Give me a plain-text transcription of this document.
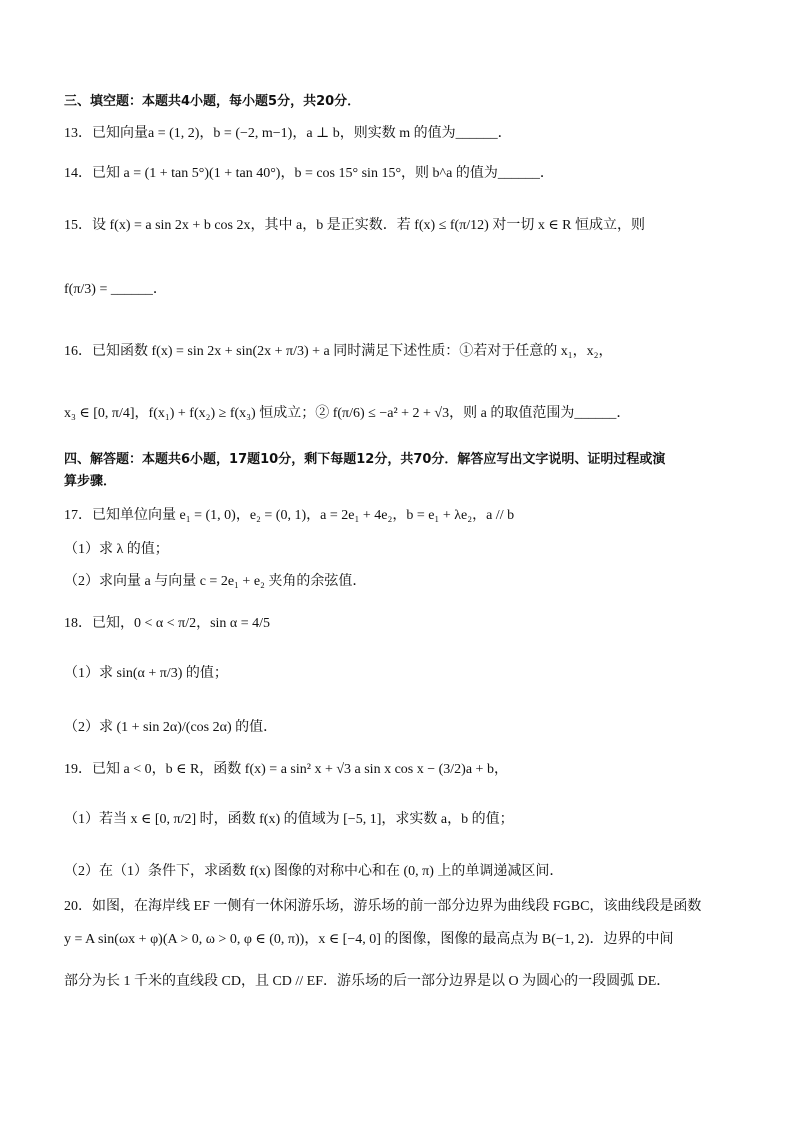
三、填空题：本题共4小题，每小题5分，共20分．
13．已知向量a = (1, 2)，b = (−2, m−1)，a ⊥ b，则实数 m 的值为______．
14．已知 a = (1 + tan 5°)(1 + tan 40°)，b = cos 15° sin 15°，则 b^a 的值为______．
15．设 f(x) = a sin 2x + b cos 2x，其中 a，b 是正实数．若 f(x) ≤ f(π/12) 对一切 x ∈ R 恒成立，则
f(π/3) = ______．
16．已知函数 f(x) = sin 2x + sin(2x + π/3) + a 同时满足下述性质：①若对于任意的 x₁，x₂，
x₃ ∈ [0, π/4]，f(x₁) + f(x₂) ≥ f(x₃) 恒成立；② f(π/6) ≤ −a² + 2 + √3，则 a 的取值范围为______．
四、解答题：本题共6小题，17题10分，剩下每题12分，共70分．解答应写出文字说明、证明过程或演
算步骤．
17．已知单位向量 e₁ = (1, 0)，e₂ = (0, 1)，a = 2e₁ + 4e₂，b = e₁ + λe₂，a // b
（1）求 λ 的值；
（2）求向量 a 与向量 c = 2e₁ + e₂ 夹角的余弦值．
18．已知，0 < α < π/2，sin α = 4/5
（1）求 sin(α + π/3) 的值；
（2）求 (1 + sin 2α)/(cos 2α) 的值．
19．已知 a < 0，b ∈ R，函数 f(x) = a sin² x + √3 a sin x cos x − (3/2)a + b，
（1）若当 x ∈ [0, π/2] 时，函数 f(x) 的值域为 [−5, 1]，求实数 a，b 的值；
（2）在（1）条件下，求函数 f(x) 图像的对称中心和在 (0, π) 上的单调递减区间．
20．如图，在海岸线 EF 一侧有一休闲游乐场，游乐场的前一部分边界为曲线段 FGBC，该曲线段是函数
y = A sin(ωx + φ)(A > 0, ω > 0, φ ∈ (0, π))，x ∈ [−4, 0] 的图像，图像的最高点为 B(−1, 2)．边界的中间
部分为长 1 千米的直线段 CD，且 CD // EF．游乐场的后一部分边界是以 O 为圆心的一段圆弧 DE．
